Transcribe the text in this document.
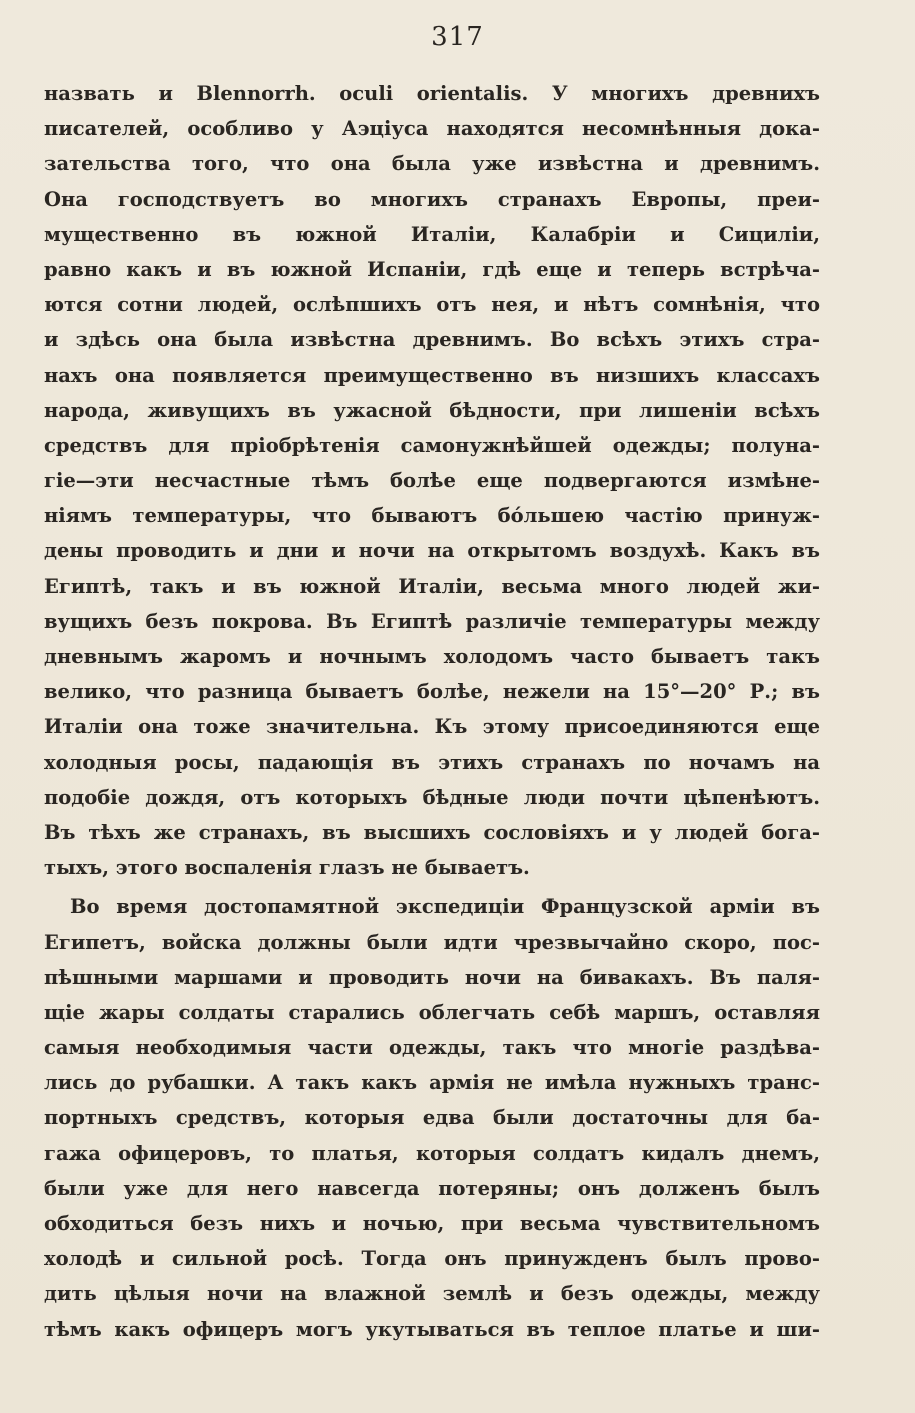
317
назвать и Blennorrh. oculi orientalis. У многихъ древнихъ
писателей, особливо у Аэціуса находятся несомнѣнныя дока-
зательства того, что она была уже извѣстна и древнимъ.
Она господствуетъ во многихъ странахъ Европы, преи-
мущественно въ южной Италіи, Калабріи и Сициліи,
равно какъ и въ южной Испаніи, гдѣ еще и теперь встрѣча-
ются сотни людей, ослѣпшихъ отъ нея, и нѣтъ сомнѣнія, что
и здѣсь она была извѣстна древнимъ. Во всѣхъ этихъ стра-
нахъ она появляется преимущественно въ низшихъ классахъ
народа, живущихъ въ ужасной бѣдности, при лишеніи всѣхъ
средствъ для пріобрѣтенія самонужнѣйшей одежды; полуна-
гіе—эти несчастные тѣмъ болѣе еще подвергаются измѣне-
ніямъ температуры, что бываютъ бо́льшею частію принуж-
дены проводить и дни и ночи на открытомъ воздухѣ. Какъ въ
Египтѣ, такъ и въ южной Италіи, весьма много людей жи-
вущихъ безъ покрова. Въ Египтѣ различіе температуры между
дневнымъ жаромъ и ночнымъ холодомъ часто бываетъ такъ
велико, что разница бываетъ болѣе, нежели на 15°—20° Р.; въ
Италіи она тоже значительна. Къ этому присоединяются еще
холодныя росы, падающія въ этихъ странахъ по ночамъ на
подобіе дождя, отъ которыхъ бѣдные люди почти цѣпенѣютъ.
Въ тѣхъ же странахъ, въ высшихъ сословіяхъ и у людей бога-
тыхъ, этого воспаленія глазъ не бываетъ.
Во время достопамятной экспедиціи Французской арміи въ
Египетъ, войска должны были идти чрезвычайно скоро, пос-
пѣшными маршами и проводить ночи на бивакахъ. Въ паля-
щіе жары солдаты старались облегчать себѣ маршъ, оставляя
самыя необходимыя части одежды, такъ что многіе раздѣва-
лись до рубашки. А такъ какъ армія не имѣла нужныхъ транс-
портныхъ средствъ, которыя едва были достаточны для ба-
гажа офицеровъ, то платья, которыя солдатъ кидалъ днемъ,
были уже для него навсегда потеряны; онъ долженъ былъ
обходиться безъ нихъ и ночью, при весьма чувствительномъ
холодѣ и сильной росѣ. Тогда онъ принужденъ былъ прово-
дить цѣлыя ночи на влажной землѣ и безъ одежды, между
тѣмъ какъ офицеръ могъ укутываться въ теплое платье и ши-
